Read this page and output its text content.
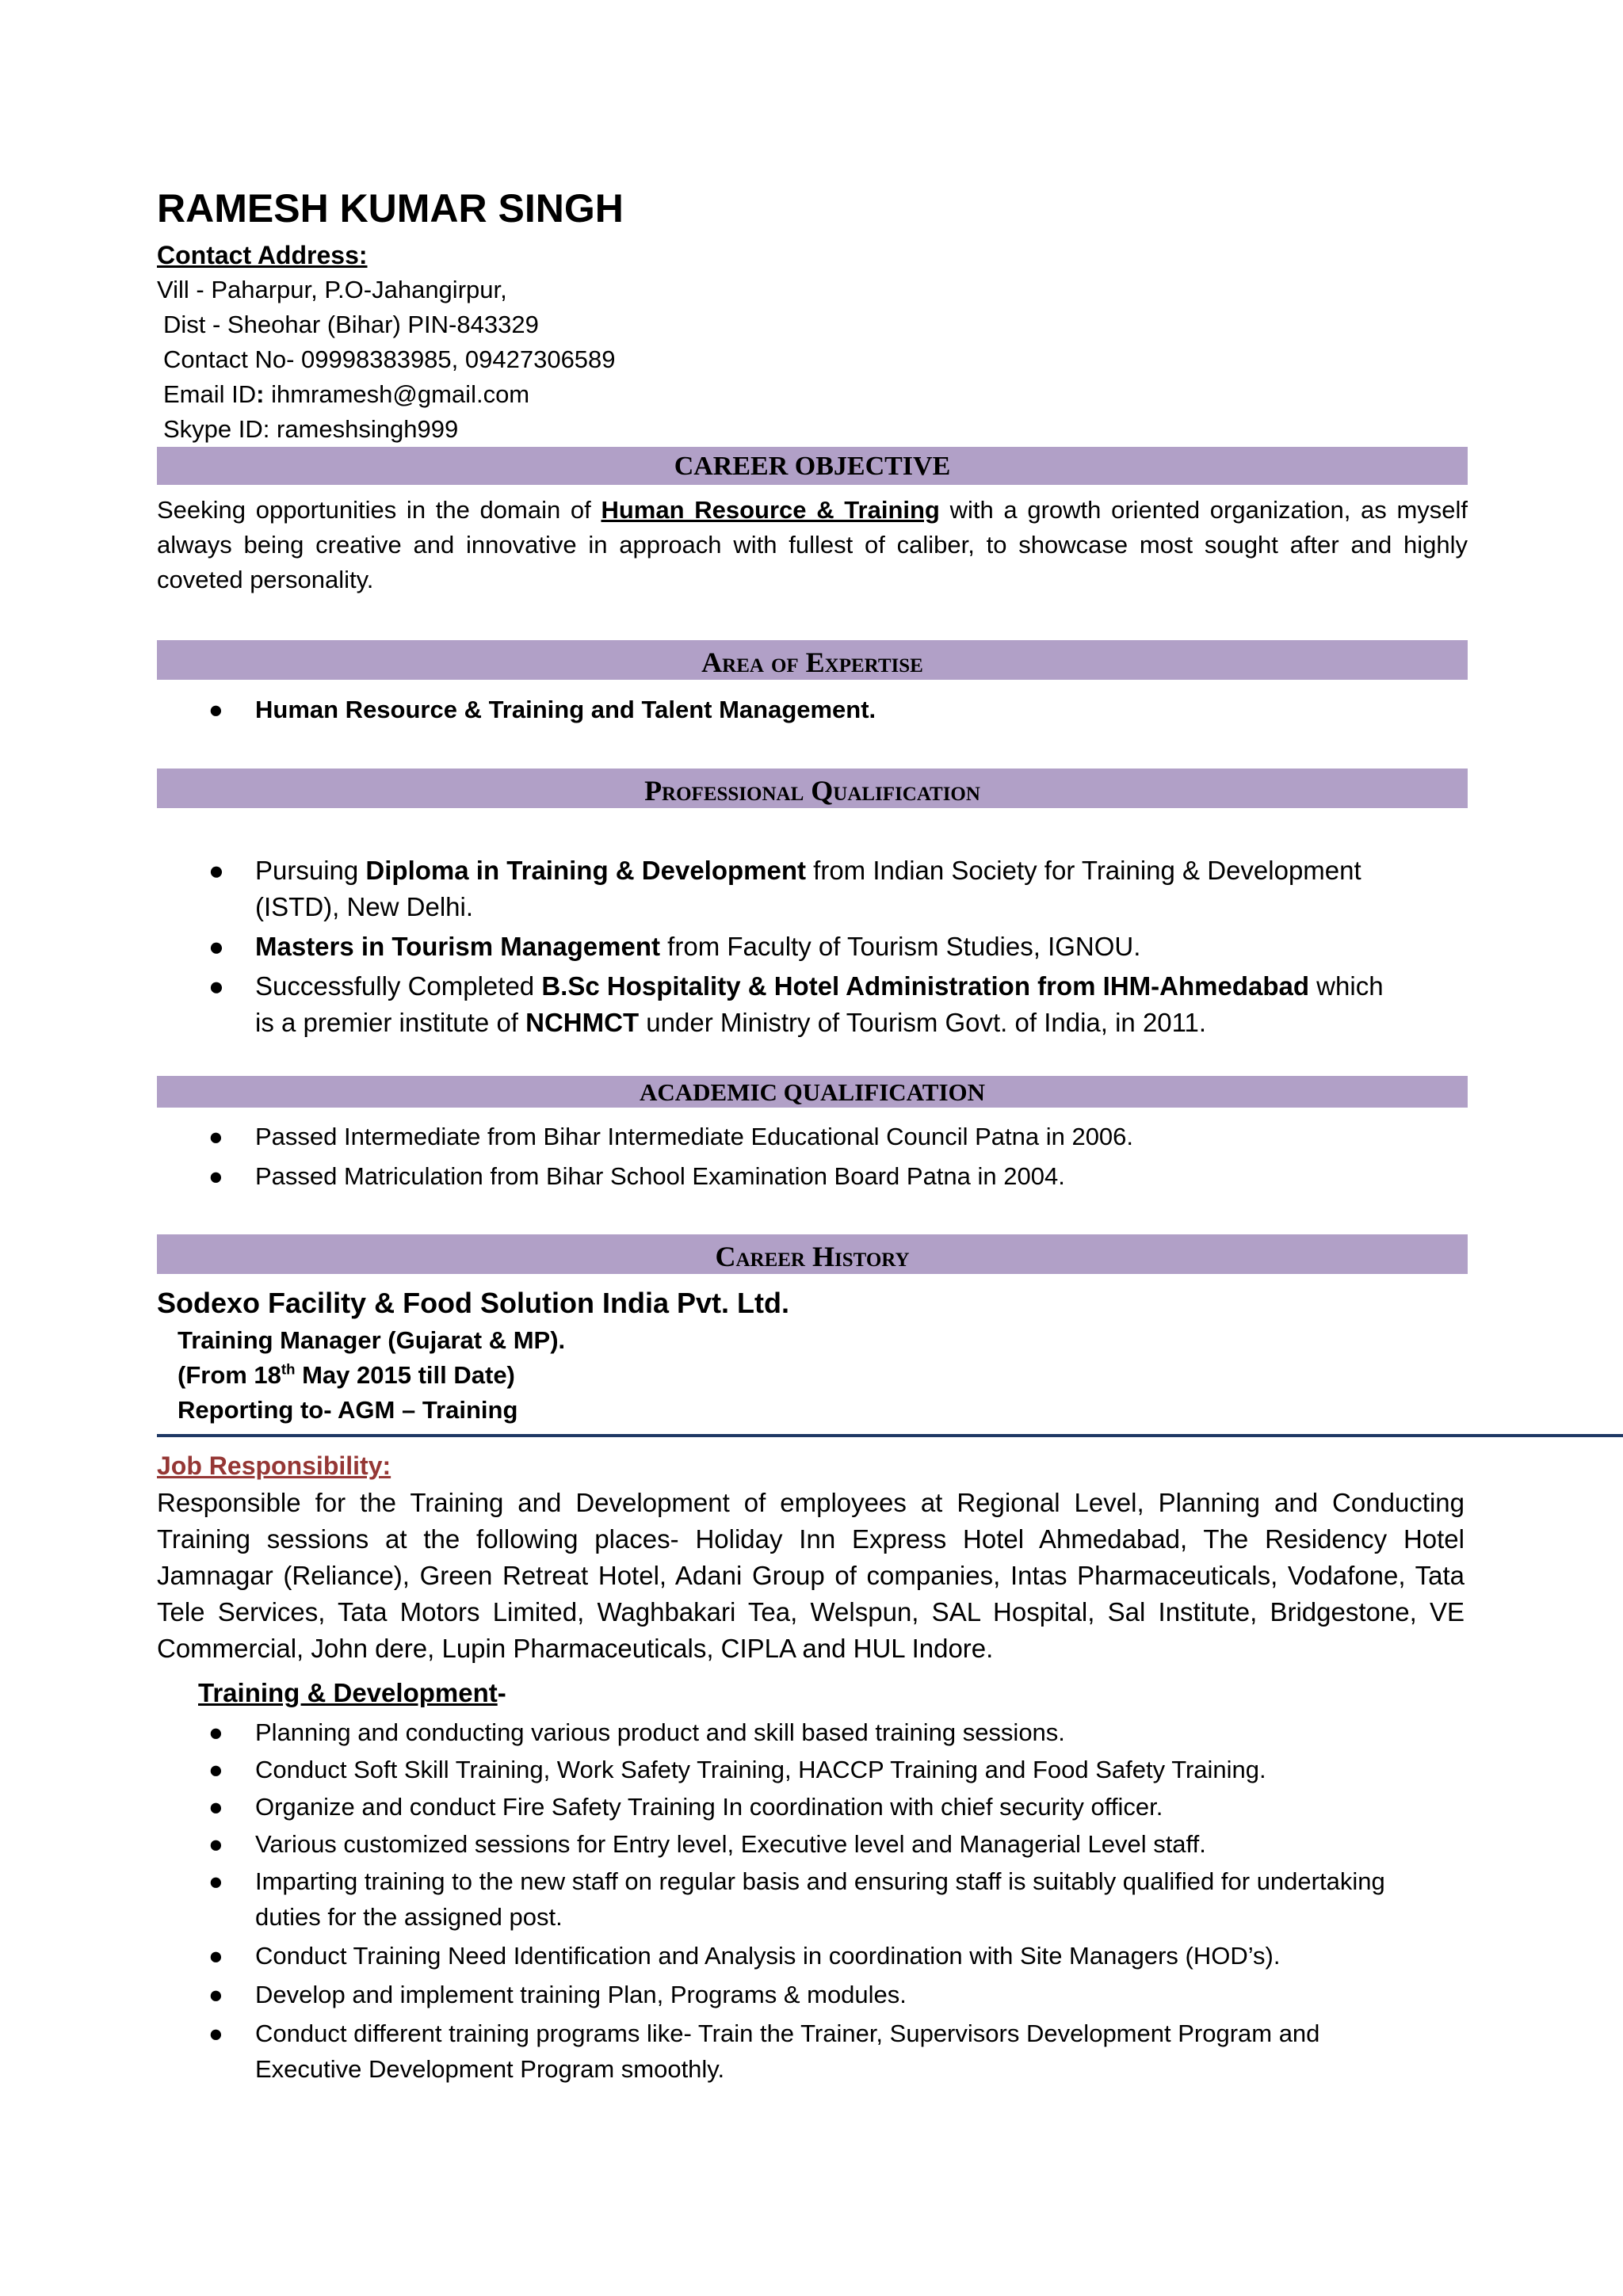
RAMESH KUMAR SINGH
Contact Address:
Vill - Paharpur, P.O-Jahangirpur,
Dist - Sheohar (Bihar) PIN-843329
Contact No- 09998383985, 09427306589
Email ID: ihmramesh@gmail.com
Skype ID: rameshsingh999
CAREER OBJECTIVE
Seeking opportunities in the domain of Human Resource & Training with a growth oriented organization, as myself always being creative and innovative in approach with fullest of caliber, to showcase most sought after and highly coveted personality.
Area of Expertise
● Human Resource & Training and Talent Management.
Professional Qualification
● Pursuing Diploma in Training & Development from Indian Society for Training & Development (ISTD), New Delhi.
● Masters in Tourism Management from Faculty of Tourism Studies, IGNOU.
● Successfully Completed B.Sc Hospitality & Hotel Administration from IHM-Ahmedabad which is a premier institute of NCHMCT under Ministry of Tourism Govt. of India, in 2011.
ACADEMIC QUALIFICATION
● Passed Intermediate from Bihar Intermediate Educational Council Patna in 2006.
● Passed Matriculation from Bihar School Examination Board Patna in 2004.
Career History
Sodexo Facility & Food Solution India Pvt. Ltd.
Training Manager (Gujarat & MP).
(From 18th May 2015 till Date)
Reporting to- AGM – Training
Job Responsibility:
Responsible for the Training and Development of employees at Regional Level, Planning and Conducting Training sessions at the following places- Holiday Inn Express Hotel Ahmedabad, The Residency Hotel Jamnagar (Reliance), Green Retreat Hotel, Adani Group of companies, Intas Pharmaceuticals, Vodafone, Tata Tele Services, Tata Motors Limited, Waghbakari Tea, Welspun, SAL Hospital, Sal Institute, Bridgestone, VE Commercial, John dere, Lupin Pharmaceuticals, CIPLA and HUL Indore.
Training & Development-
● Planning and conducting various product and skill based training sessions.
● Conduct Soft Skill Training, Work Safety Training, HACCP Training and Food Safety Training.
● Organize and conduct Fire Safety Training In coordination with chief security officer.
● Various customized sessions for Entry level, Executive level and Managerial Level staff.
● Imparting training to the new staff on regular basis and ensuring staff is suitably qualified for undertaking duties for the assigned post.
● Conduct Training Need Identification and Analysis in coordination with Site Managers (HOD’s).
● Develop and implement training Plan, Programs & modules.
● Conduct different training programs like- Train the Trainer, Supervisors Development Program and Executive Development Program smoothly.
